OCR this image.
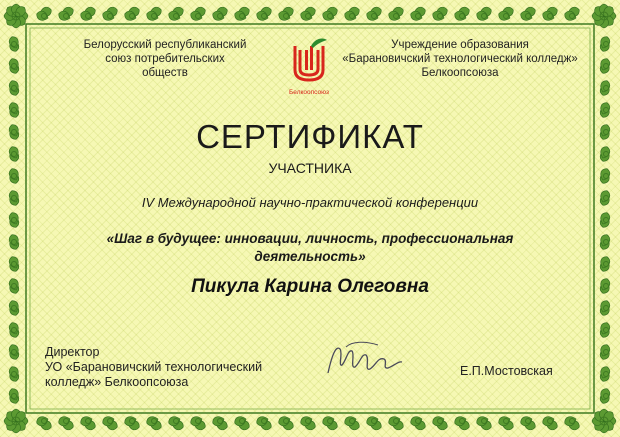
Белорусский республиканский
союз потребительских
обществ
Белкоопсоюз
Учреждение образования
«Барановичский технологический колледж»
Белкоопсоюза
СЕРТИФИКАТ
УЧАСТНИКА
IV Международной научно-практической конференции
«Шаг в будущее: инновации, личность, профессиональная
деятельность»
Пикула Карина Олеговна
Директор
УО «Барановичский технологический
колледж» Белкоопсоюза
Е.П.Мостовская
